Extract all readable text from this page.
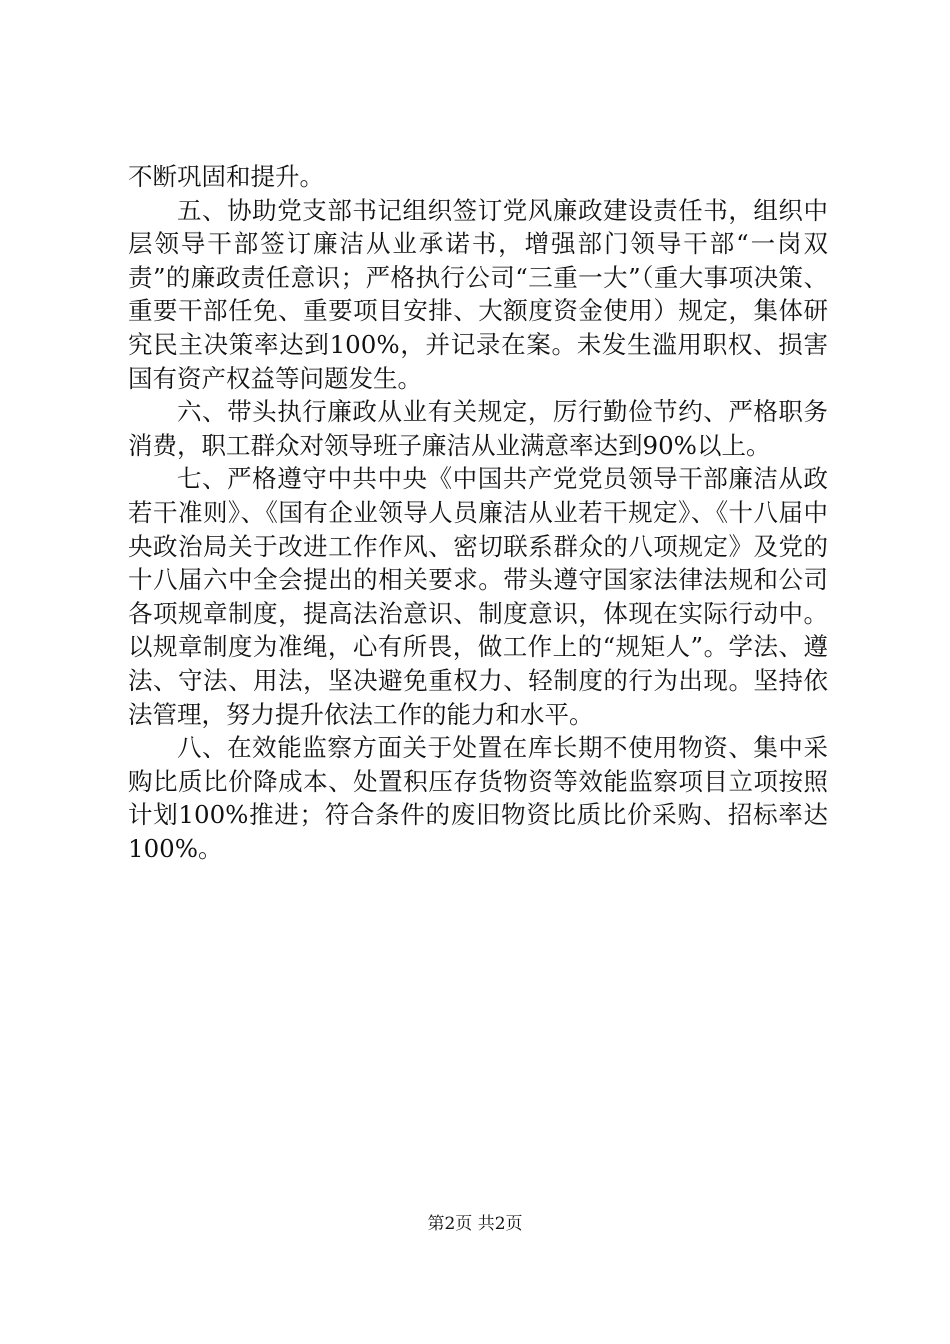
不断巩固和提升。

五、协助党支部书记组织签订党风廉政建设责任书，组织中层领导干部签订廉洁从业承诺书，增强部门领导干部“一岗双责”的廉政责任意识；严格执行公司“三重一大”（重大事项决策、重要干部任免、重要项目安排、大额度资金使用）规定，集体研究民主决策率达到100%，并记录在案。未发生滥用职权、损害国有资产权益等问题发生。

六、带头执行廉政从业有关规定，厉行勤俭节约、严格职务消费，职工群众对领导班子廉洁从业满意率达到90%以上。

七、严格遵守中共中央《中国共产党党员领导干部廉洁从政若干准则》、《国有企业领导人员廉洁从业若干规定》、《十八届中央政治局关于改进工作作风、密切联系群众的八项规定》及党的十八届六中全会提出的相关要求。带头遵守国家法律法规和公司各项规章制度，提高法治意识、制度意识，体现在实际行动中。以规章制度为准绳，心有所畏，做工作上的“规矩人”。学法、遵法、守法、用法，坚决避免重权力、轻制度的行为出现。坚持依法管理，努力提升依法工作的能力和水平。

八、在效能监察方面关于处置在库长期不使用物资、集中采购比质比价降成本、处置积压存货物资等效能监察项目立项按照计划100%推进；符合条件的废旧物资比质比价采购、招标率达100%。

第2页 共2页
